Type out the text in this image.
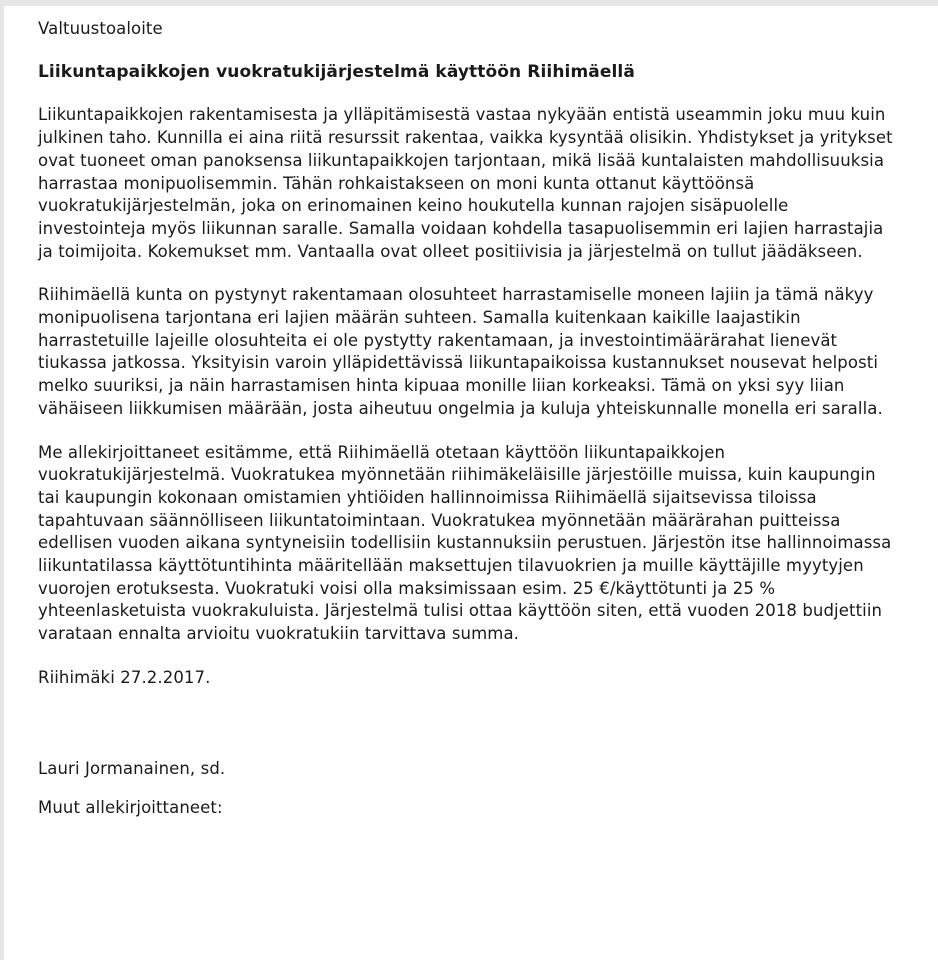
Valtuustoaloite

Liikuntapaikkojen vuokratukijärjestelmä käyttöön Riihimäellä

Liikuntapaikkojen rakentamisesta ja ylläpitämisestä vastaa nykyään entistä useammin joku muu kuin julkinen taho. Kunnilla ei aina riitä resurssit rakentaa, vaikka kysyntää olisikin. Yhdistykset ja yritykset ovat tuoneet oman panoksensa liikuntapaikkojen tarjontaan, mikä lisää kuntalaisten mahdollisuuksia harrastaa monipuolisemmin. Tähän rohkaistakseen on moni kunta ottanut käyttöönsä vuokratukijärjestelmän, joka on erinomainen keino houkutella kunnan rajojen sisäpuolelle investointeja myös liikunnan saralle. Samalla voidaan kohdella tasapuolisemmin eri lajien harrastajia ja toimijoita. Kokemukset mm. Vantaalla ovat olleet positiivisia ja järjestelmä on tullut jäädäkseen.

Riihimäellä kunta on pystynyt rakentamaan olosuhteet harrastamiselle moneen lajiin ja tämä näkyy monipuolisena tarjontana eri lajien määrän suhteen. Samalla kuitenkaan kaikille laajastikin harrastetuille lajeille olosuhteita ei ole pystytty rakentamaan, ja investointimäärärahat lienevät tiukassa jatkossa. Yksityisin varoin ylläpidettävissä liikuntapaikoissa kustannukset nousevat helposti melko suuriksi, ja näin harrastamisen hinta kipuaa monille liian korkeaksi. Tämä on yksi syy liian vähäiseen liikkumisen määrään, josta aiheutuu ongelmia ja kuluja yhteiskunnalle monella eri saralla.

Me allekirjoittaneet esitämme, että Riihimäellä otetaan käyttöön liikuntapaikkojen vuokratukijärjestelmä. Vuokratukea myönnetään riihimäkeläisille järjestöille muissa, kuin kaupungin tai kaupungin kokonaan omistamien yhtiöiden hallinnoimissa Riihimäellä sijaitsevissa tiloissa tapahtuvaan säännölliseen liikuntatoimintaan. Vuokratukea myönnetään määrärahan puitteissa edellisen vuoden aikana syntyneisiin todellisiin kustannuksiin perustuen. Järjestön itse hallinnoimassa liikuntatilassa käyttötuntihinta määritellään maksettujen tilavuokrien ja muille käyttäjille myytyjen vuorojen erotuksesta. Vuokratuki voisi olla maksimissaan esim. 25 €/käyttötunti ja 25 % yhteenlasketuista vuokrakuluista. Järjestelmä tulisi ottaa käyttöön siten, että vuoden 2018 budjettiin varataan ennalta arvioitu vuokratukiin tarvittava summa.

Riihimäki 27.2.2017.

Lauri Jormanainen, sd.

Muut allekirjoittaneet:
